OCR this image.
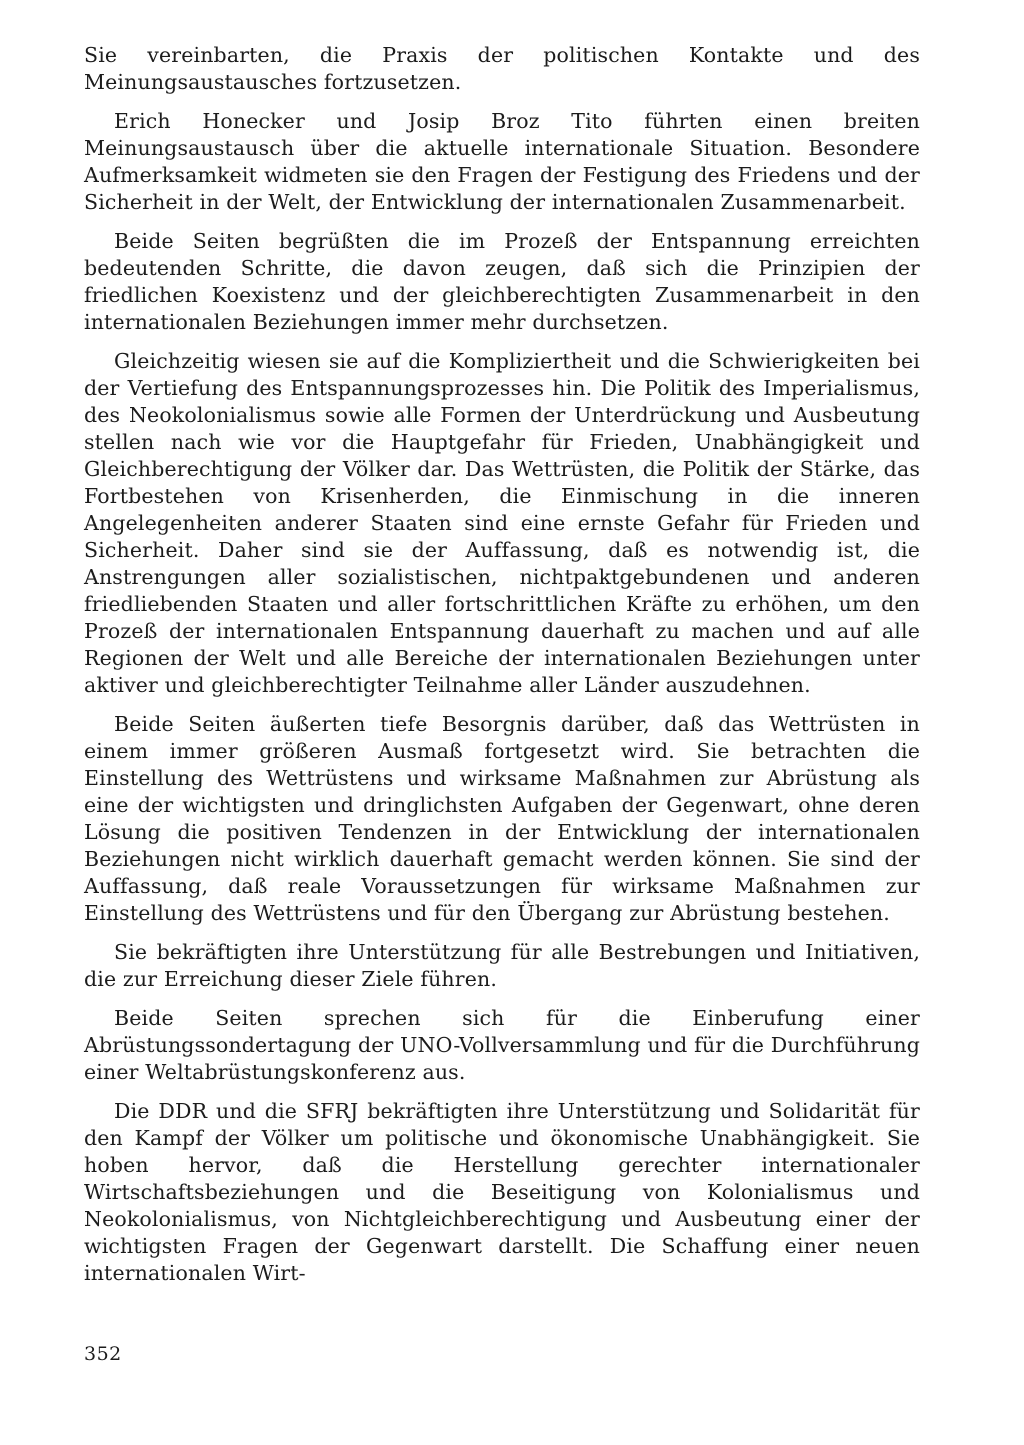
Sie vereinbarten, die Praxis der politischen Kontakte und des Meinungsaustausches fortzusetzen.

Erich Honecker und Josip Broz Tito führten einen breiten Meinungsaustausch über die aktuelle internationale Situation. Besondere Aufmerksamkeit widmeten sie den Fragen der Festigung des Friedens und der Sicherheit in der Welt, der Entwicklung der internationalen Zusammenarbeit.

Beide Seiten begrüßten die im Prozeß der Entspannung erreichten bedeutenden Schritte, die davon zeugen, daß sich die Prinzipien der friedlichen Koexistenz und der gleichberechtigten Zusammenarbeit in den internationalen Beziehungen immer mehr durchsetzen.

Gleichzeitig wiesen sie auf die Kompliziertheit und die Schwierigkeiten bei der Vertiefung des Entspannungsprozesses hin. Die Politik des Imperialismus, des Neokolonialismus sowie alle Formen der Unterdrückung und Ausbeutung stellen nach wie vor die Hauptgefahr für Frieden, Unabhängigkeit und Gleichberechtigung der Völker dar. Das Wettrüsten, die Politik der Stärke, das Fortbestehen von Krisenherden, die Einmischung in die inneren Angelegenheiten anderer Staaten sind eine ernste Gefahr für Frieden und Sicherheit. Daher sind sie der Auffassung, daß es notwendig ist, die Anstrengungen aller sozialistischen, nichtpaktgebundenen und anderen friedliebenden Staaten und aller fortschrittlichen Kräfte zu erhöhen, um den Prozeß der internationalen Entspannung dauerhaft zu machen und auf alle Regionen der Welt und alle Bereiche der internationalen Beziehungen unter aktiver und gleichberechtigter Teilnahme aller Länder auszudehnen.

Beide Seiten äußerten tiefe Besorgnis darüber, daß das Wettrüsten in einem immer größeren Ausmaß fortgesetzt wird. Sie betrachten die Einstellung des Wettrüstens und wirksame Maßnahmen zur Abrüstung als eine der wichtigsten und dringlichsten Aufgaben der Gegenwart, ohne deren Lösung die positiven Tendenzen in der Entwicklung der internationalen Beziehungen nicht wirklich dauerhaft gemacht werden können. Sie sind der Auffassung, daß reale Voraussetzungen für wirksame Maßnahmen zur Einstellung des Wettrüstens und für den Übergang zur Abrüstung bestehen.

Sie bekräftigten ihre Unterstützung für alle Bestrebungen und Initiativen, die zur Erreichung dieser Ziele führen.

Beide Seiten sprechen sich für die Einberufung einer Abrüstungssondertagung der UNO-Vollversammlung und für die Durchführung einer Weltabrüstungskonferenz aus.

Die DDR und die SFRJ bekräftigten ihre Unterstützung und Solidarität für den Kampf der Völker um politische und ökonomische Unabhängigkeit. Sie hoben hervor, daß die Herstellung gerechter internationaler Wirtschaftsbeziehungen und die Beseitigung von Kolonialismus und Neokolonialismus, von Nichtgleichberechtigung und Ausbeutung einer der wichtigsten Fragen der Gegenwart darstellt. Die Schaffung einer neuen internationalen Wirt-

352
